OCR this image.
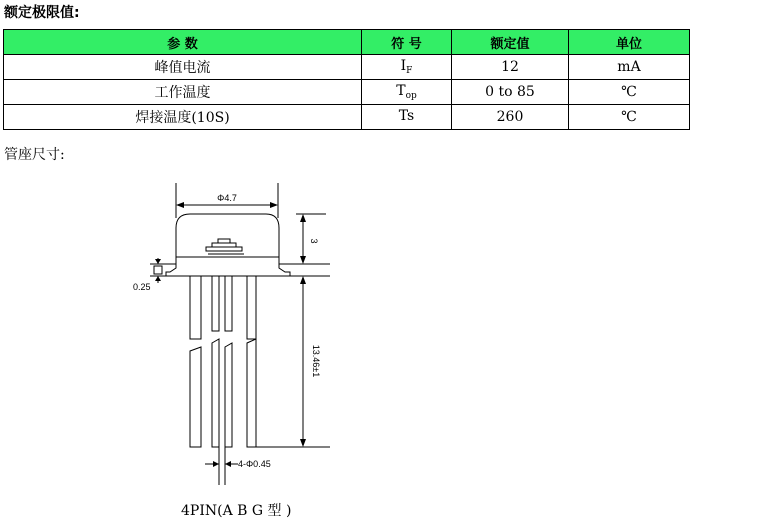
额定极限值:
参 数	符 号	额定值	单位
峰值电流	$I_F$	12	mA
工作温度	$T_{op}$	0 to 85	℃
焊接温度(10S)	Ts	260	℃
管座尺寸:
Φ4.7
0.25
3
13.46±1
4-Φ0.45
4PIN(A B G 型 )
